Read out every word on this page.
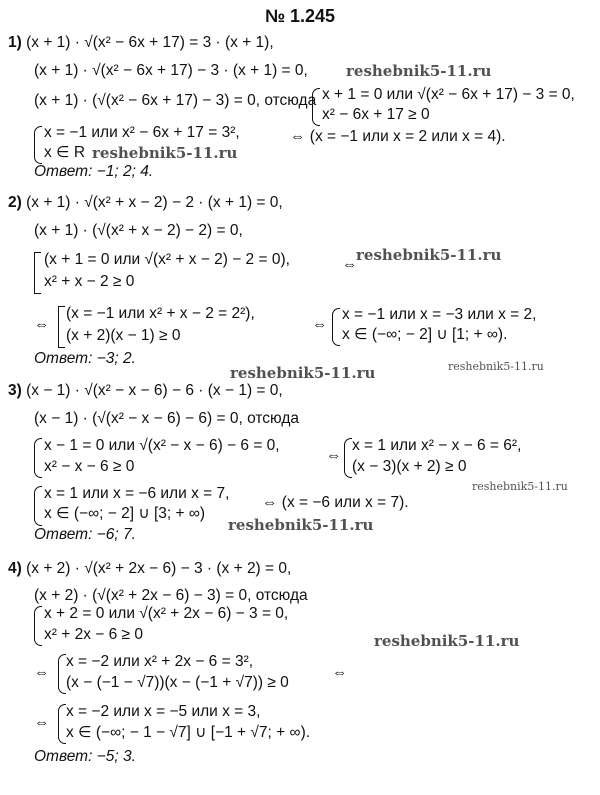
№ 1.245
1) (x + 1) · √(x² − 6x + 17) = 3 · (x + 1),
(x + 1) · √(x² − 6x + 17) − 3 · (x + 1) = 0,
(x + 1) · (√(x² − 6x + 17) − 3) = 0, отсюда x + 1 = 0 или √(x² − 6x + 17) − 3 = 0,
x² − 6x + 17 ≥ 0
x = −1 или x² − 6x + 17 = 3²,
x ∈ R
⇔ (x = −1 или x = 2 или x = 4).
Ответ: −1; 2; 4.
2) (x + 1) · √(x² + x − 2) − 2 · (x + 1) = 0,
(x + 1) · (√(x² + x − 2) − 2) = 0,
(x + 1 = 0 или √(x² + x − 2) − 2 = 0),
x² + x − 2 ≥ 0
⇔
⇔
(x = −1 или x² + x − 2 = 2²),
(x + 2)(x − 1) ≥ 0
⇔
x = −1 или x = −3 или x = 2,
x ∈ (−∞; − 2] ∪ [1; + ∞).
Ответ: −3; 2.
3) (x − 1) · √(x² − x − 6) − 6 · (x − 1) = 0,
(x − 1) · (√(x² − x − 6) − 6) = 0, отсюда
x − 1 = 0 или √(x² − x − 6) − 6 = 0,
x² − x − 6 ≥ 0
⇔
x = 1 или x² − x − 6 = 6²,
(x − 3)(x + 2) ≥ 0
x = 1 или x = −6 или x = 7,
x ∈ (−∞; − 2] ∪ [3; + ∞)
⇔ (x = −6 или x = 7).
Ответ: −6; 7.
4) (x + 2) · √(x² + 2x − 6) − 3 · (x + 2) = 0,
(x + 2) · (√(x² + 2x − 6) − 3) = 0, отсюда
x + 2 = 0 или √(x² + 2x − 6) − 3 = 0,
x² + 2x − 6 ≥ 0
⇔
x = −2 или x² + 2x − 6 = 3²,
(x − (−1 − √7))(x − (−1 + √7)) ≥ 0
⇔
⇔
x = −2 или x = −5 или x = 3,
x ∈ (−∞; − 1 − √7] ∪ [−1 + √7; + ∞).
Ответ: −5; 3.
reshebnik5-11.ru
reshebnik5-11.ru
reshebnik5-11.ru
reshebnik5-11.ru
reshebnik5-11.ru
reshebnik5-11.ru
reshebnik5-11.ru
reshebnik5-11.ru
